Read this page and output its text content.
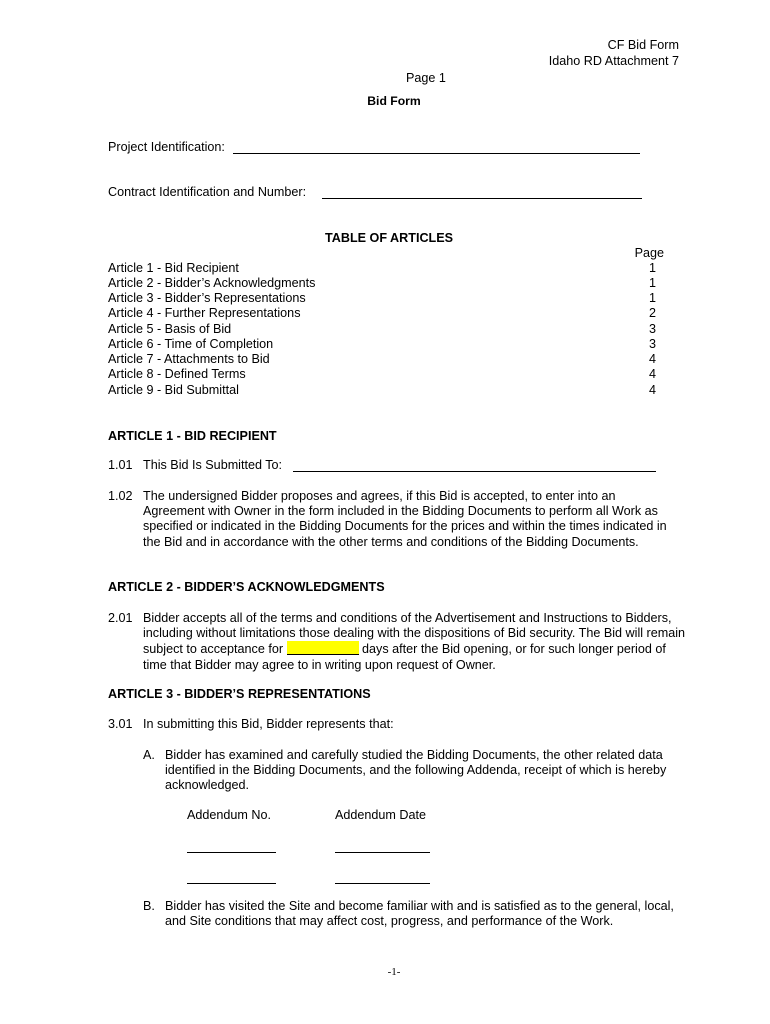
CF Bid Form
Idaho RD Attachment 7
Page 1
Bid Form
Project Identification:
Contract Identification and Number:
TABLE OF ARTICLES
Page
Article 1 - Bid Recipient	1
Article 2 - Bidder’s Acknowledgments	1
Article 3 - Bidder’s Representations	1
Article 4 - Further Representations	2
Article 5 - Basis of Bid	3
Article 6 - Time of Completion	3
Article 7 - Attachments to Bid	4
Article 8 - Defined Terms	4
Article 9 - Bid Submittal	4
ARTICLE 1 - BID RECIPIENT
1.01 This Bid Is Submitted To:
1.02 The undersigned Bidder proposes and agrees, if this Bid is accepted, to enter into an Agreement with Owner in the form included in the Bidding Documents to perform all Work as specified or indicated in the Bidding Documents for the prices and within the times indicated in the Bid and in accordance with the other terms and conditions of the Bidding Documents.
ARTICLE 2 - BIDDER’S ACKNOWLEDGMENTS
2.01 Bidder accepts all of the terms and conditions of the Advertisement and Instructions to Bidders, including without limitations those dealing with the dispositions of Bid security. The Bid will remain subject to acceptance for	days after the Bid opening, or for such longer period of time that Bidder may agree to in writing upon request of Owner.
ARTICLE 3 - BIDDER’S REPRESENTATIONS
3.01 In submitting this Bid, Bidder represents that:
A. Bidder has examined and carefully studied the Bidding Documents, the other related data identified in the Bidding Documents, and the following Addenda, receipt of which is hereby acknowledged.
Addendum No.	Addendum Date
B. Bidder has visited the Site and become familiar with and is satisfied as to the general, local, and Site conditions that may affect cost, progress, and performance of the Work.
-1-
